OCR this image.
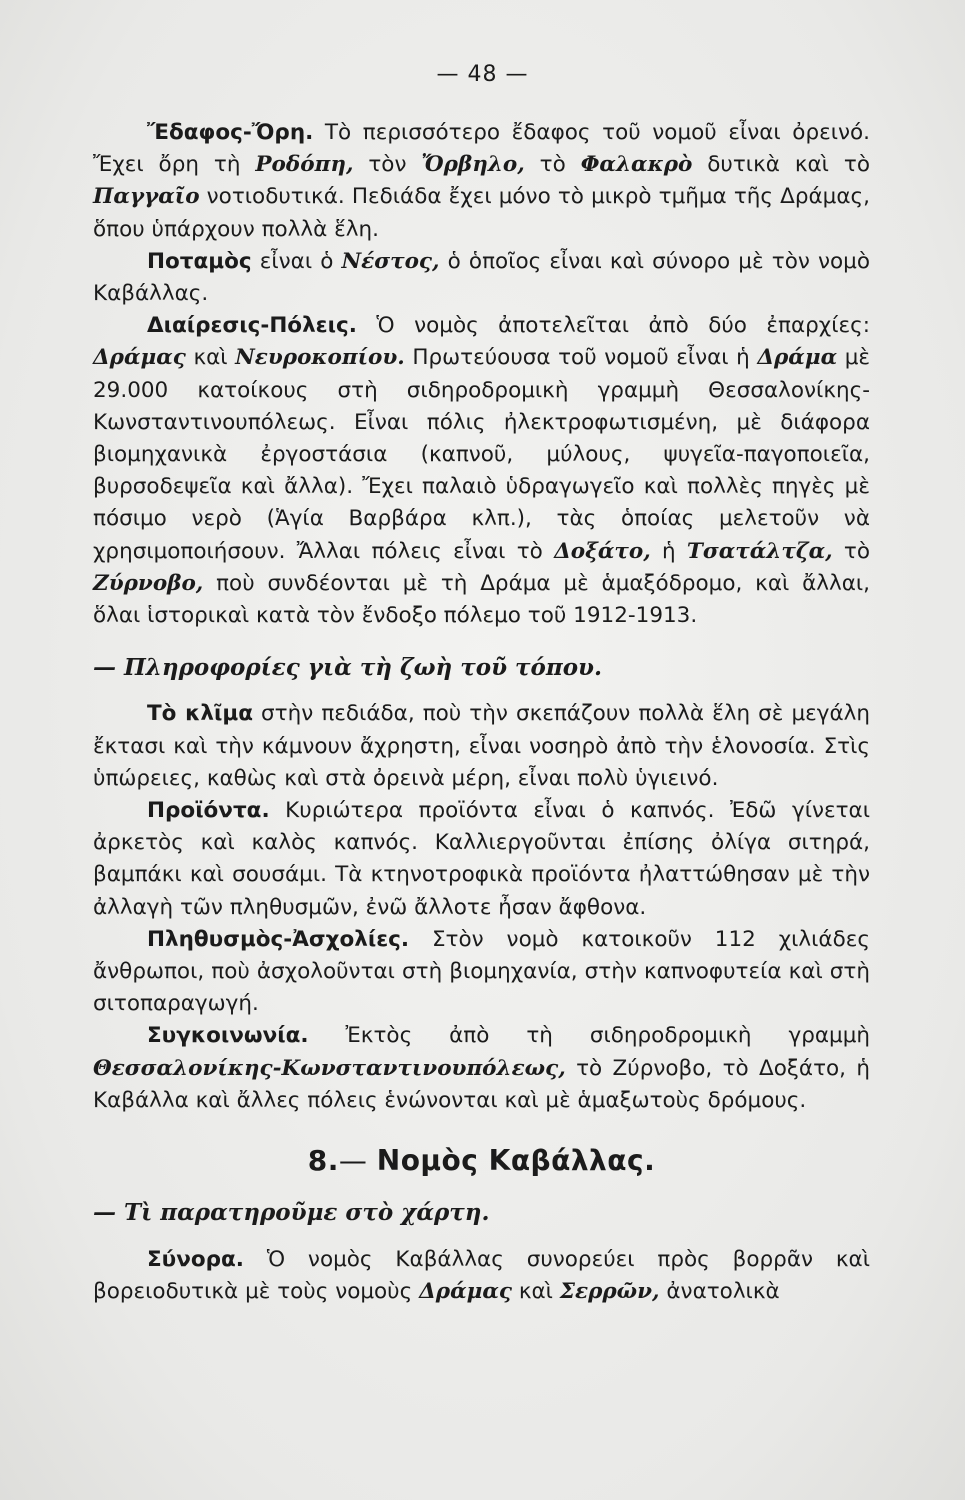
— 48 —

Ἔδαφος-Ὄρη. Τὸ περισσότερο ἔδαφος τοῦ νομοῦ εἶναι ὀρεινό. Ἔχει ὄρη τὴ Ροδόπη, τὸν Ὄρβηλο, τὸ Φαλακρὸ δυτικὰ καὶ τὸ Παγγαῖο νοτιοδυτικά. Πεδιάδα ἔχει μόνο τὸ μικρὸ τμῆμα τῆς Δράμας, ὅπου ὑπάρχουν πολλὰ ἕλη.

Ποταμὸς εἶναι ὁ Νέστος, ὁ ὁποῖος εἶναι καὶ σύνορο μὲ τὸν νομὸ Καβάλλας.

Διαίρεσις-Πόλεις. Ὁ νομὸς ἀποτελεῖται ἀπὸ δύο ἐπαρχίες: Δράμας καὶ Νευροκοπίου. Πρωτεύουσα τοῦ νομοῦ εἶναι ἡ Δράμα μὲ 29.000 κατοίκους στὴ σιδηροδρομικὴ γραμμὴ Θεσσαλονίκης-Κωνσταντινουπόλεως. Εἶναι πόλις ἠλεκτροφωτισμένη, μὲ διάφορα βιομηχανικὰ ἐργοστάσια (καπνοῦ, μύλους, ψυγεῖα-παγοποιεῖα, βυρσοδεψεῖα καὶ ἄλλα). Ἔχει παλαιὸ ὑδραγωγεῖο καὶ πολλὲς πηγὲς μὲ πόσιμο νερὸ (Ἁγία Βαρβάρα κλπ.), τὰς ὁποίας μελετοῦν νὰ χρησιμοποιήσουν. Ἄλλαι πόλεις εἶναι τὸ Δοξάτο, ἡ Τσατάλτζα, τὸ Ζύρνοβο, ποὺ συνδέονται μὲ τὴ Δράμα μὲ ἁμαξόδρομο, καὶ ἄλλαι, ὅλαι ἱστορικαὶ κατὰ τὸν ἔνδοξο πόλεμο τοῦ 1912-1913.

— Πληροφορίες γιὰ τὴ ζωὴ τοῦ τόπου.

Τὸ κλῖμα στὴν πεδιάδα, ποὺ τὴν σκεπάζουν πολλὰ ἕλη σὲ μεγάλη ἔκτασι καὶ τὴν κάμνουν ἄχρηστη, εἶναι νοσηρὸ ἀπὸ τὴν ἑλονοσία. Στὶς ὑπώρειες, καθὼς καὶ στὰ ὀρεινὰ μέρη, εἶναι πολὺ ὑγιεινό.

Προϊόντα. Κυριώτερα προϊόντα εἶναι ὁ καπνός. Ἐδῶ γίνεται ἀρκετὸς καὶ καλὸς καπνός. Καλλιεργοῦνται ἐπίσης ὀλίγα σιτηρά, βαμπάκι καὶ σουσάμι. Τὰ κτηνοτροφικὰ προϊόντα ἠλαττώθησαν μὲ τὴν ἀλλαγὴ τῶν πληθυσμῶν, ἐνῶ ἄλλοτε ἦσαν ἄφθονα.

Πληθυσμὸς-Ἀσχολίες. Στὸν νομὸ κατοικοῦν 112 χιλιάδες ἄνθρωποι, ποὺ ἀσχολοῦνται στὴ βιομηχανία, στὴν καπνοφυτεία καὶ στὴ σιτοπαραγωγή.

Συγκοινωνία. Ἐκτὸς ἀπὸ τὴ σιδηροδρομικὴ γραμμὴ Θεσσαλονίκης-Κωνσταντινουπόλεως, τὸ Ζύρνοβο, τὸ Δοξάτο, ἡ Καβάλλα καὶ ἄλλες πόλεις ἑνώνονται καὶ μὲ ἁμαξωτοὺς δρόμους.

8.— Νομὸς Καβάλλας.

— Τὶ παρατηροῦμε στὸ χάρτη.

Σύνορα. Ὁ νομὸς Καβάλλας συνορεύει πρὸς βορρᾶν καὶ βορειοδυτικὰ μὲ τοὺς νομοὺς Δράμας καὶ Σερρῶν, ἀνατολικὰ
